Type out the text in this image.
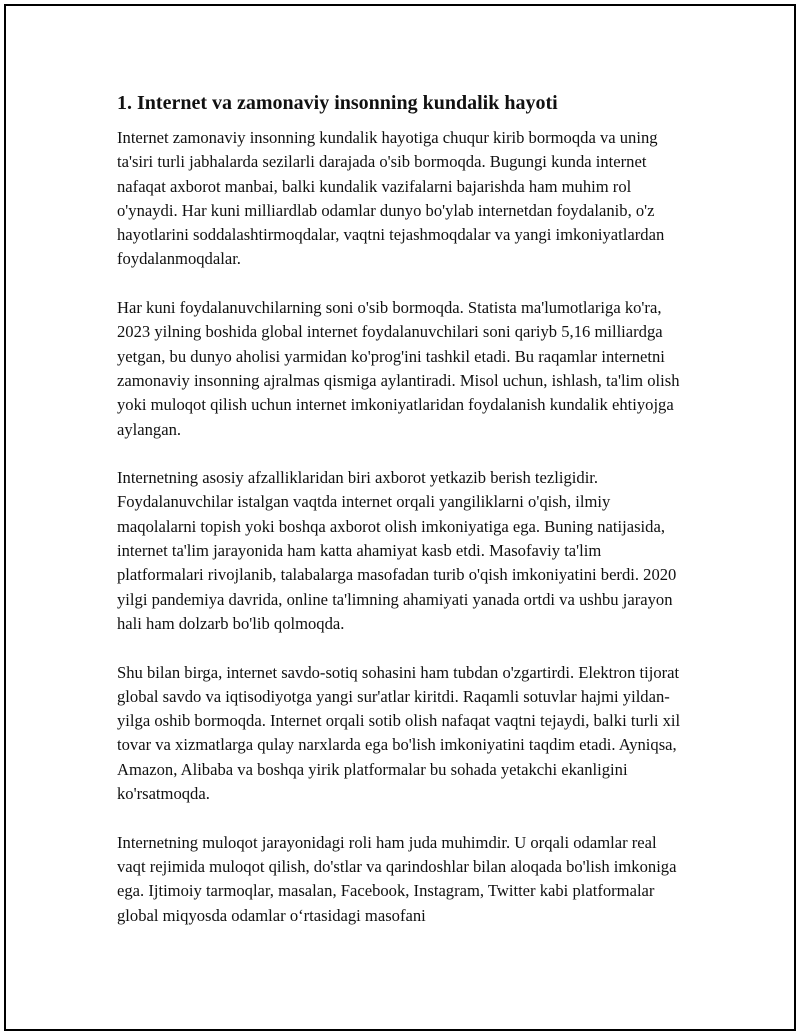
1. Internet va zamonaviy insonning kundalik hayoti

Internet zamonaviy insonning kundalik hayotiga chuqur kirib bormoqda va uning ta'siri turli jabhalarda sezilarli darajada o'sib bormoqda. Bugungi kunda internet nafaqat axborot manbai, balki kundalik vazifalarni bajarishda ham muhim rol o'ynaydi. Har kuni milliardlab odamlar dunyo bo'ylab internetdan foydalanib, o'z hayotlarini soddalashtirmoqdalar, vaqtni tejashmoqdalar va yangi imkoniyatlardan foydalanmoqdalar.

Har kuni foydalanuvchilarning soni o'sib bormoqda. Statista ma'lumotlariga ko'ra, 2023 yilning boshida global internet foydalanuvchilari soni qariyb 5,16 milliardga yetgan, bu dunyo aholisi yarmidan ko'prog'ini tashkil etadi. Bu raqamlar internetni zamonaviy insonning ajralmas qismiga aylantiradi. Misol uchun, ishlash, ta'lim olish yoki muloqot qilish uchun internet imkoniyatlaridan foydalanish kundalik ehtiyojga aylangan.

Internetning asosiy afzalliklaridan biri axborot yetkazib berish tezligidir. Foydalanuvchilar istalgan vaqtda internet orqali yangiliklarni o'qish, ilmiy maqolalarni topish yoki boshqa axborot olish imkoniyatiga ega. Buning natijasida, internet ta'lim jarayonida ham katta ahamiyat kasb etdi. Masofaviy ta'lim platformalari rivojlanib, talabalarga masofadan turib o'qish imkoniyatini berdi. 2020 yilgi pandemiya davrida, online ta'limning ahamiyati yanada ortdi va ushbu jarayon hali ham dolzarb bo'lib qolmoqda.

Shu bilan birga, internet savdo-sotiq sohasini ham tubdan o'zgartirdi. Elektron tijorat global savdo va iqtisodiyotga yangi sur'atlar kiritdi. Raqamli sotuvlar hajmi yildan-yilga oshib bormoqda. Internet orqali sotib olish nafaqat vaqtni tejaydi, balki turli xil tovar va xizmatlarga qulay narxlarda ega bo'lish imkoniyatini taqdim etadi. Ayniqsa, Amazon, Alibaba va boshqa yirik platformalar bu sohada yetakchi ekanligini ko'rsatmoqda.

Internetning muloqot jarayonidagi roli ham juda muhimdir. U orqali odamlar real vaqt rejimida muloqot qilish, do'stlar va qarindoshlar bilan aloqada bo'lish imkoniga ega. Ijtimoiy tarmoqlar, masalan, Facebook, Instagram, Twitter kabi platformalar global miqyosda odamlar o‘rtasidagi masofani
